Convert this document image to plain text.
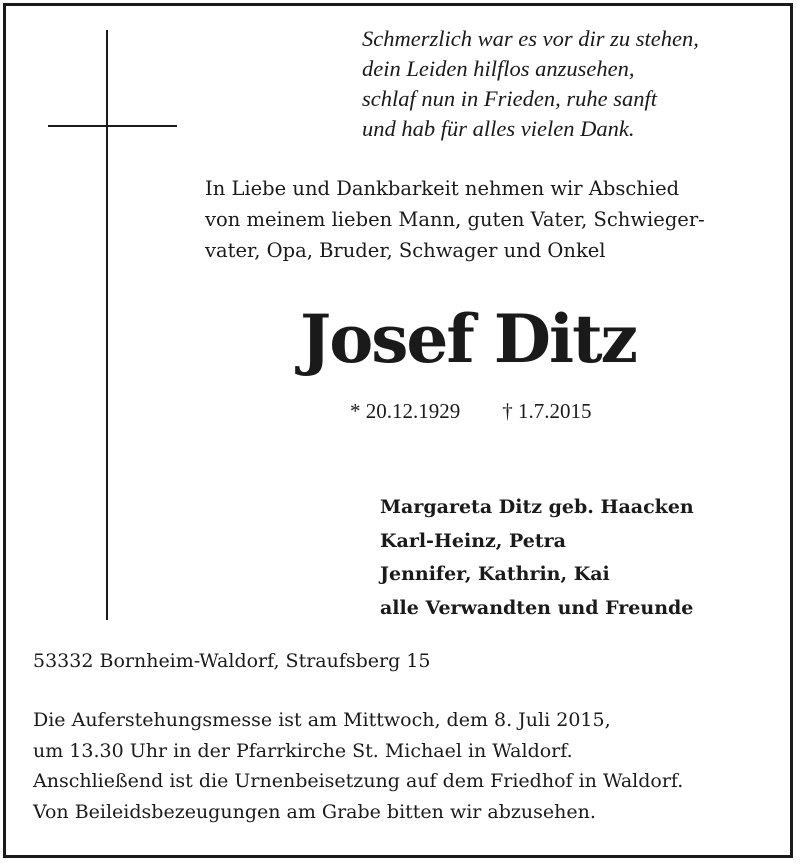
Schmerzlich war es vor dir zu stehen,
dein Leiden hilflos anzusehen,
schlaf nun in Frieden, ruhe sanft
und hab für alles vielen Dank.
In Liebe und Dankbarkeit nehmen wir Abschied
von meinem lieben Mann, guten Vater, Schwieger-
vater, Opa, Bruder, Schwager und Onkel
Josef Ditz
* 20.12.1929 † 1.7.2015
Margareta Ditz geb. Haacken
Karl-Heinz, Petra
Jennifer, Kathrin, Kai
alle Verwandten und Freunde
53332 Bornheim-Waldorf, Straufsberg 15
Die Auferstehungsmesse ist am Mittwoch, dem 8. Juli 2015,
um 13.30 Uhr in der Pfarrkirche St. Michael in Waldorf.
Anschließend ist die Urnenbeisetzung auf dem Friedhof in Waldorf.
Von Beileidsbezeugungen am Grabe bitten wir abzusehen.
